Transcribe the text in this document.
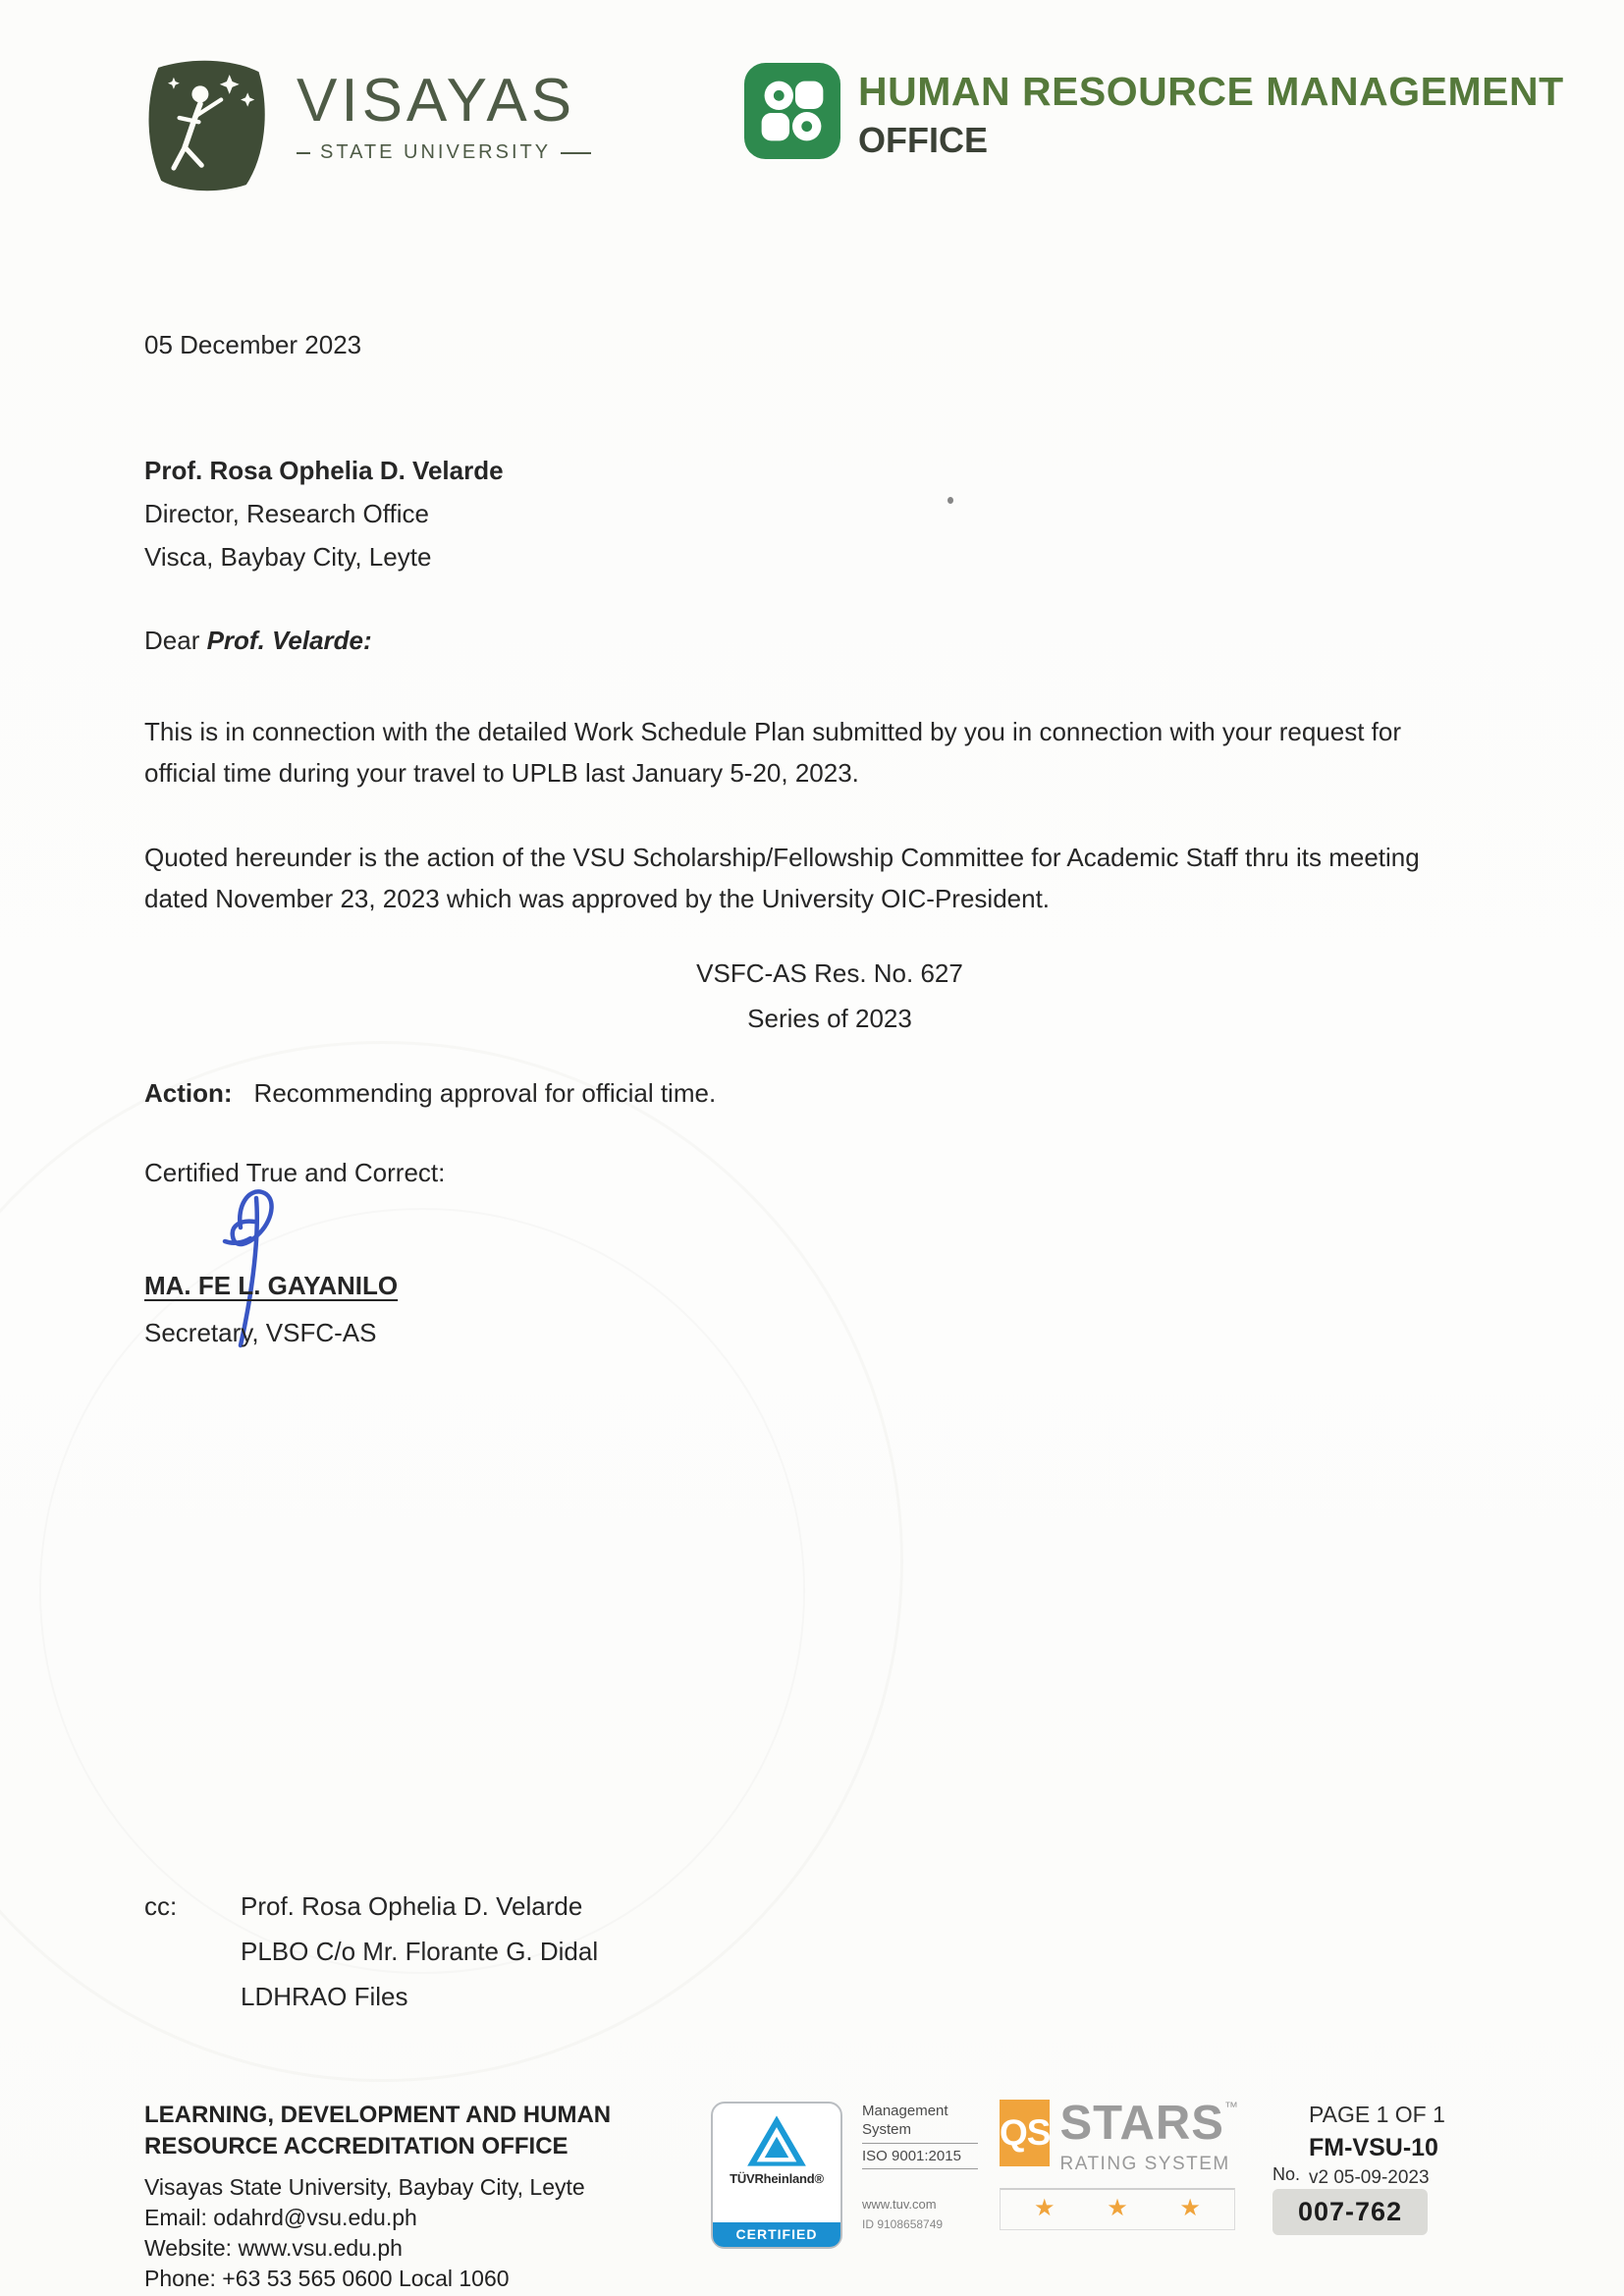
VISAYAS
STATE UNIVERSITY
HUMAN RESOURCE MANAGEMENT
OFFICE
05 December 2023
Prof. Rosa Ophelia D. Velarde
Director, Research Office
Visca, Baybay City, Leyte
Dear Prof. Velarde:
This is in connection with the detailed Work Schedule Plan submitted by you in connection with your request for official time during your travel to UPLB last January 5-20, 2023.
Quoted hereunder is the action of the VSU Scholarship/Fellowship Committee for Academic Staff thru its meeting dated November 23, 2023 which was approved by the University OIC-President.
VSFC-AS Res. No. 627
Series of 2023
Action: Recommending approval for official time.
Certified True and Correct:
MA. FE L. GAYANILO
Secretary, VSFC-AS
cc:	Prof. Rosa Ophelia D. Velarde
PLBO C/o Mr. Florante G. Didal
LDHRAO Files
LEARNING, DEVELOPMENT AND HUMAN
RESOURCE ACCREDITATION OFFICE
Visayas State University, Baybay City, Leyte
Email: odahrd@vsu.edu.ph
Website: www.vsu.edu.ph
Phone: +63 53 565 0600 Local 1060
TÜVRheinland®
CERTIFIED
Management
System
ISO 9001:2015
www.tuv.com
ID 9108658749
QS STARS™
RATING SYSTEM
★ ★ ★
PAGE 1 OF 1
FM-VSU-10
v2 05-09-2023
No.
007-762
